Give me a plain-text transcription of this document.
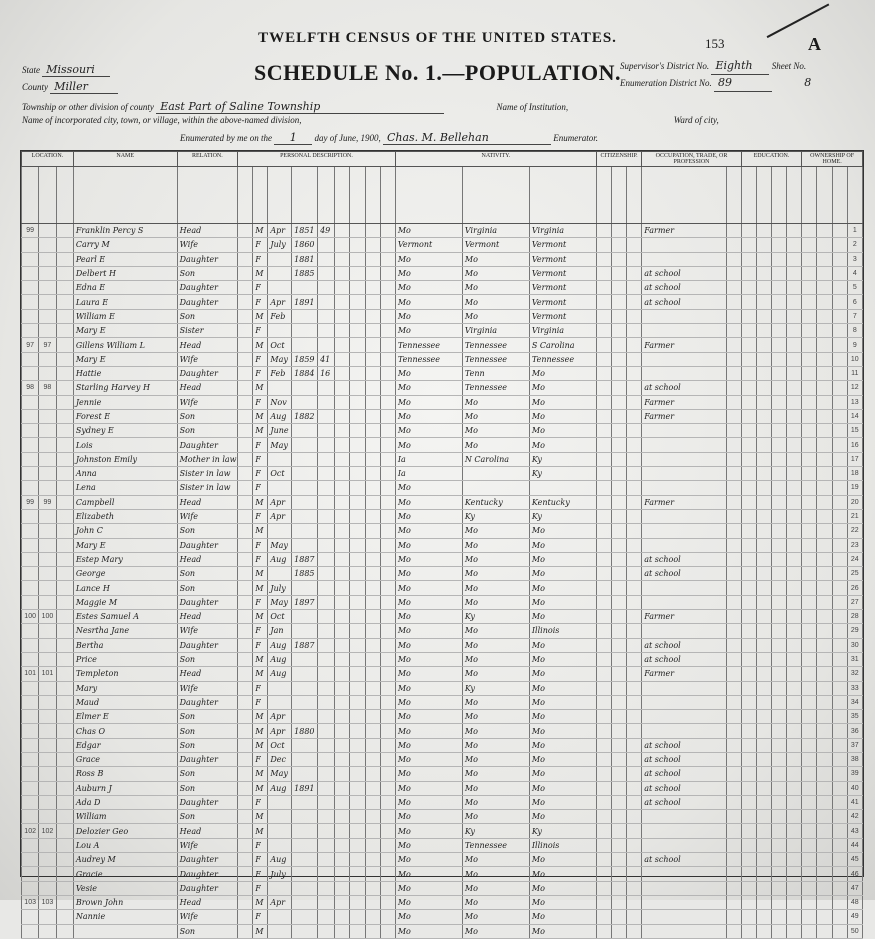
TWELFTH CENSUS OF THE UNITED STATES.	153	A
SCHEDULE No. 1.—POPULATION.
State Missouri
County Miller
Supervisor's District No. Eighth Sheet No.
Enumeration District No. 89	8
Township or other division of county East Part of Saline Township	Name of Institution,
Name of incorporated city, town, or village, within the above-named division,	Ward of city,
Enumerated by me on the 1 day of June, 1900, Chas. M. Bellehan	Enumerator.
LOCATION.			NAME	RELATION.	PERSONAL DESCRIPTION.									NATIVITY.			CITIZENSHIP.			OCCUPATION, TRADE, OR PROFESSION		EDUCATION.				OWNERSHIP OF HOME.			

99			Franklin Percy S	Head		M	Apr	1851	49					Mo	Virginia	Virginia				Farmer									1
			Carry M	Wife		F	July	1860						Vermont	Vermont	Vermont													2
			Pearl E	Daughter		F		1881						Mo	Mo	Vermont													3
			Delbert H	Son		M		1885						Mo	Mo	Vermont				at school									4
			Edna E	Daughter		F								Mo	Mo	Vermont				at school									5
			Laura E	Daughter		F	Apr	1891						Mo	Mo	Vermont				at school									6
			William E	Son		M	Feb							Mo	Mo	Vermont													7
			Mary E	Sister		F								Mo	Virginia	Virginia													8
97	97		Gillens William L	Head		M	Oct							Tennessee	Tennessee	S Carolina				Farmer									9
			Mary E	Wife		F	May	1859	41					Tennessee	Tennessee	Tennessee													10
			Hattie	Daughter		F	Feb	1884	16					Mo	Tenn	Mo													11
98	98		Starling Harvey H	Head		M								Mo	Tennessee	Mo				at school									12
			Jennie	Wife		F	Nov							Mo	Mo	Mo				Farmer									13
			Forest E	Son		M	Aug	1882						Mo	Mo	Mo				Farmer									14
			Sydney E	Son		M	June							Mo	Mo	Mo													15
			Lois	Daughter		F	May							Mo	Mo	Mo													16
			Johnston Emily	Mother in law		F								Ia	N Carolina	Ky													17
			Anna	Sister in law		F	Oct							Ia		Ky													18
			Lena	Sister in law		F								Mo															19
99	99		Campbell	Head		M	Apr							Mo	Kentucky	Kentucky				Farmer									20
			Elizabeth	Wife		F	Apr							Mo	Ky	Ky													21
			John C	Son		M								Mo	Mo	Mo													22
			Mary E	Daughter		F	May							Mo	Mo	Mo													23
			Estep Mary	Head		F	Aug	1887						Mo	Mo	Mo				at school									24
			George	Son		M		1885						Mo	Mo	Mo				at school									25
			Lance H	Son		M	July							Mo	Mo	Mo													26
			Maggie M	Daughter		F	May	1897						Mo	Mo	Mo													27
100	100		Estes Samuel A	Head		M	Oct							Mo	Ky	Mo				Farmer									28
			Nesrtha Jane	Wife		F	Jan							Mo	Mo	Illinois													29
			Bertha	Daughter		F	Aug	1887						Mo	Mo	Mo				at school									30
			Price	Son		M	Aug							Mo	Mo	Mo				at school									31
101	101		Templeton	Head		M	Aug							Mo	Mo	Mo				Farmer									32
			Mary	Wife		F								Mo	Ky	Mo													33
			Maud	Daughter		F								Mo	Mo	Mo													34
			Elmer E	Son		M	Apr							Mo	Mo	Mo													35
			Chas O	Son		M	Apr	1880						Mo	Mo	Mo													36
			Edgar	Son		M	Oct							Mo	Mo	Mo				at school									37
			Grace	Daughter		F	Dec							Mo	Mo	Mo				at school									38
			Ross B	Son		M	May							Mo	Mo	Mo				at school									39
			Auburn J	Son		M	Aug	1891						Mo	Mo	Mo				at school									40
			Ada D	Daughter		F								Mo	Mo	Mo				at school									41
			William	Son		M								Mo	Mo	Mo													42
102	102		Delozier Geo	Head		M								Mo	Ky	Ky													43
			Lou A	Wife		F								Mo	Tennessee	Illinois													44
			Audrey M	Daughter		F	Aug							Mo	Mo	Mo				at school									45
			Gracie	Daughter		F	July							Mo	Mo	Mo													46
			Vesie	Daughter		F								Mo	Mo	Mo													47
103	103		Brown John	Head		M	Apr							Mo	Mo	Mo													48
			Nannie	Wife		F								Mo	Mo	Mo													49
				Son		M								Mo	Mo	Mo													50
